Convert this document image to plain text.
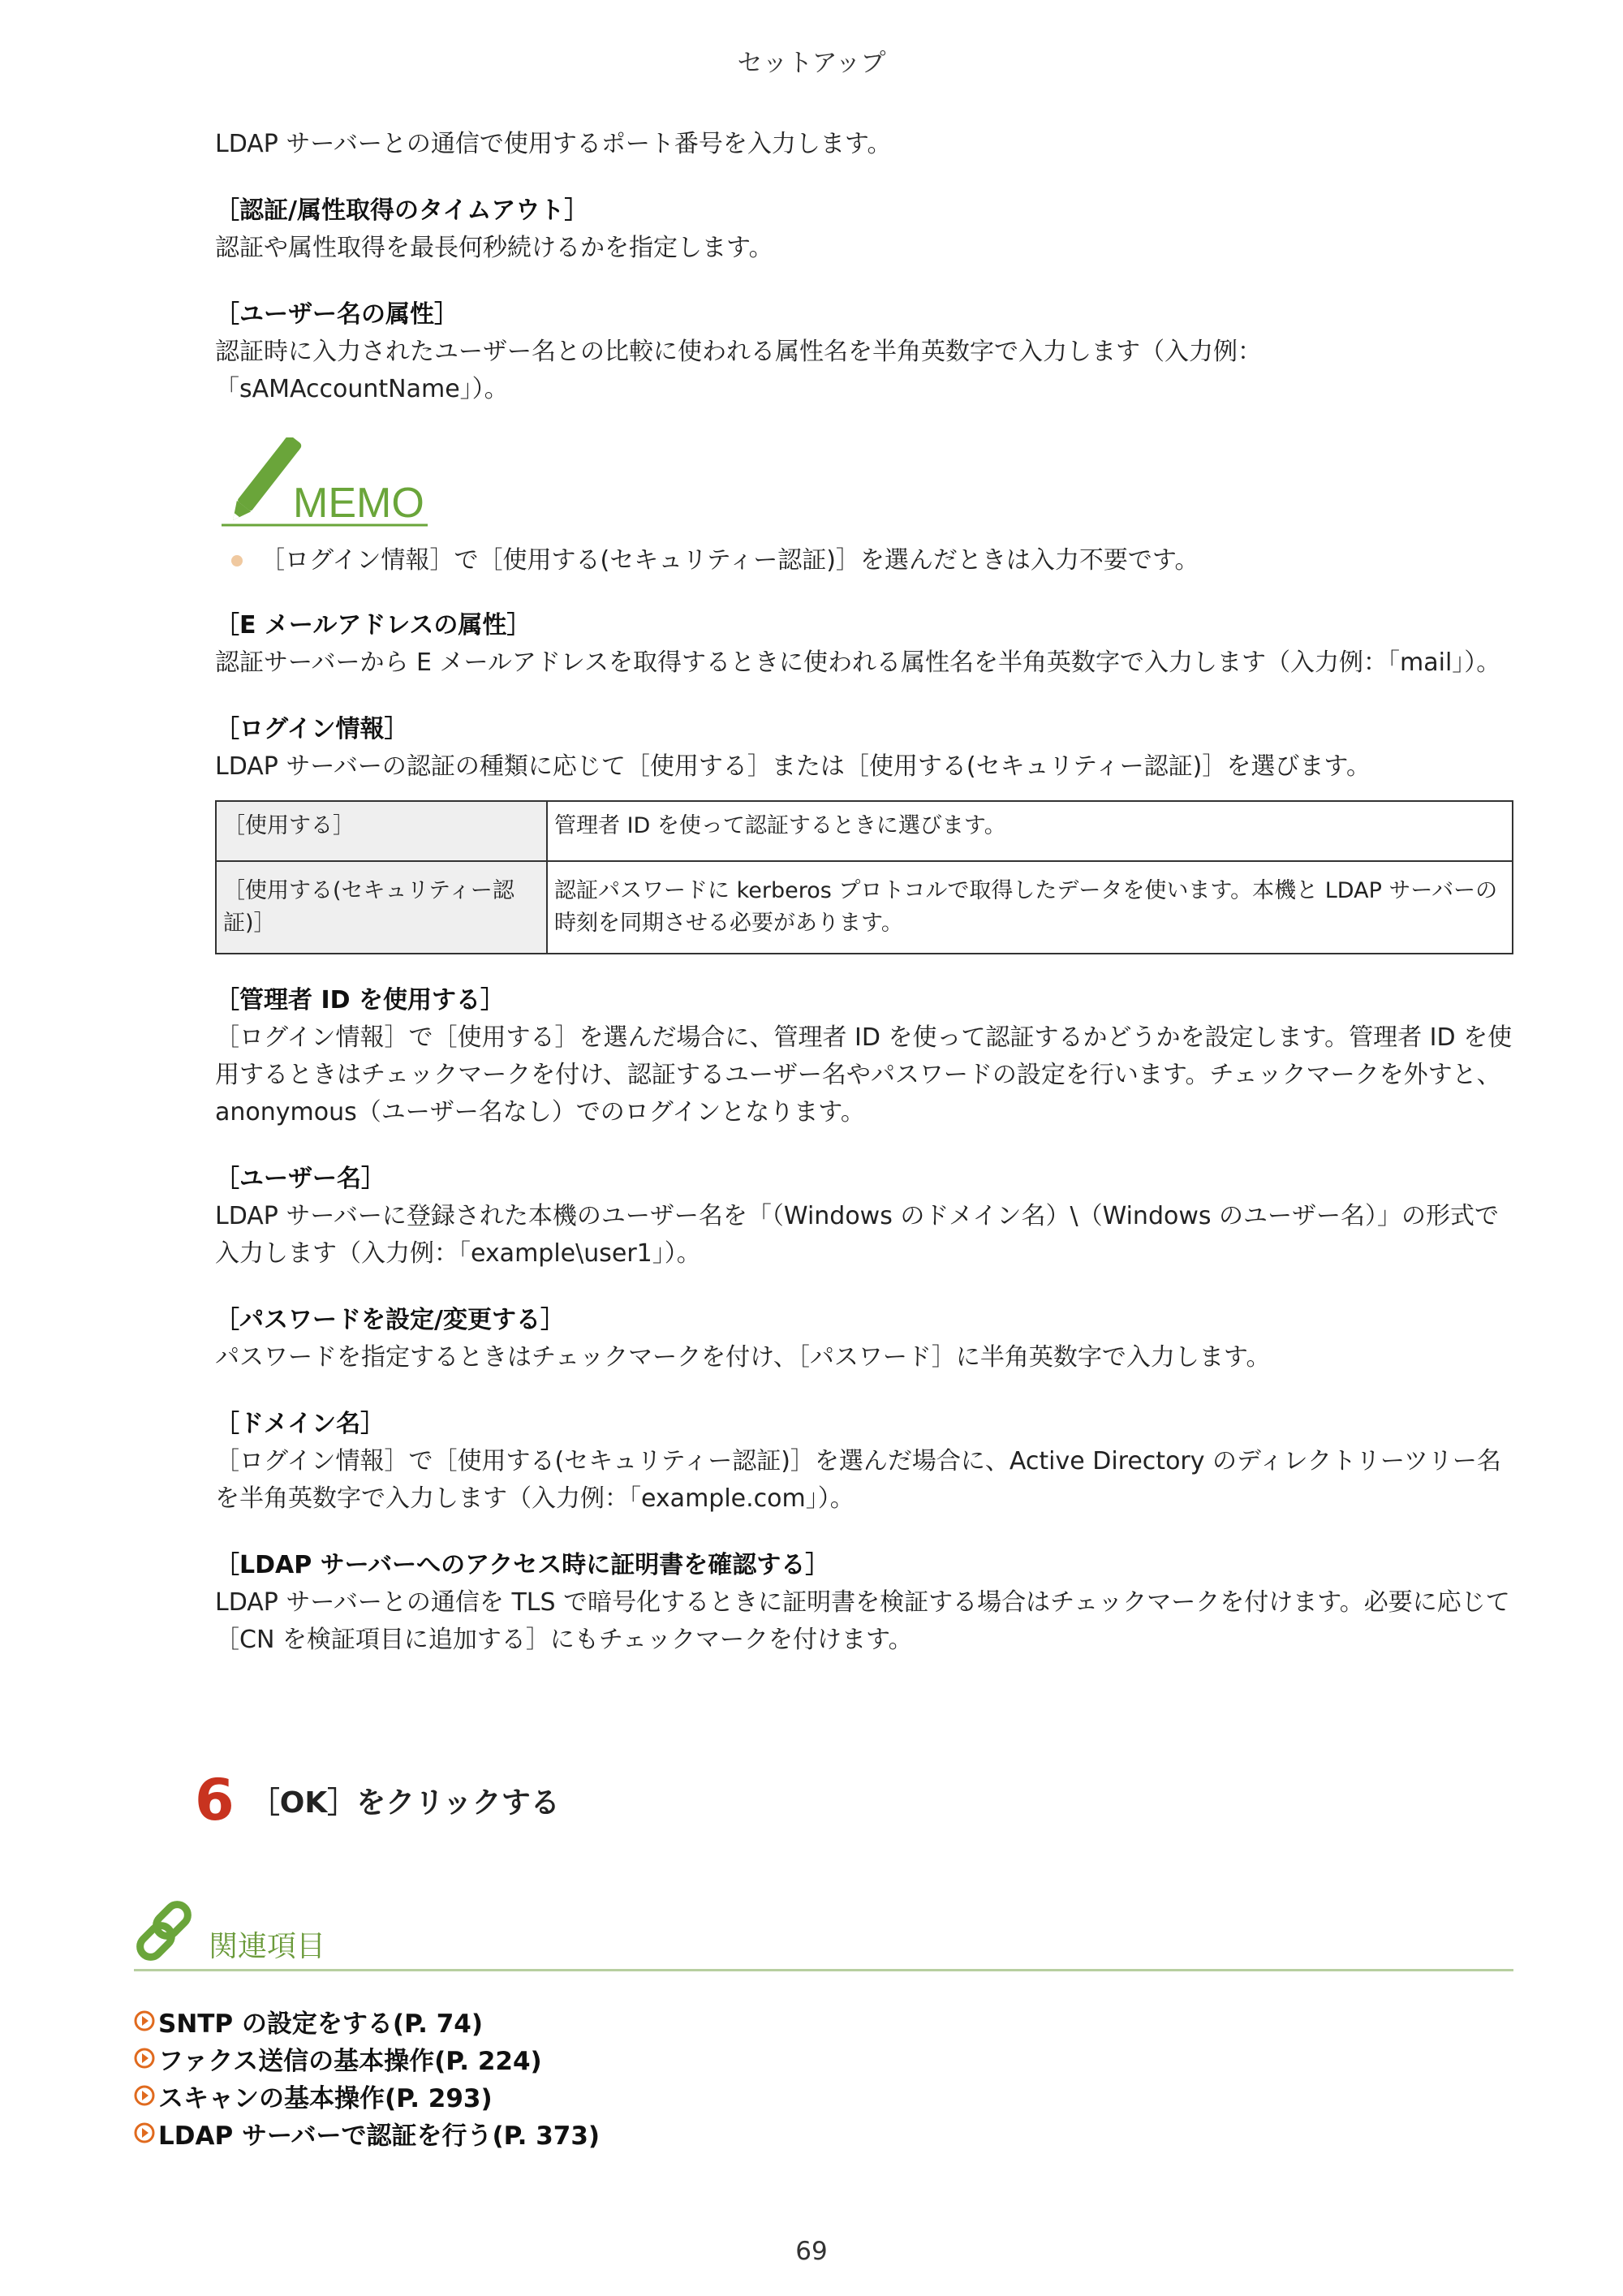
セットアップ

LDAP サーバーとの通信で使用するポート番号を入力します。

［認証/属性取得のタイムアウト］

認証や属性取得を最長何秒続けるかを指定します。

［ユーザー名の属性］

認証時に入力されたユーザー名との比較に使われる属性名を半角英数字で入力します（入力例：「sAMAccountName」）。

MEMO
［ログイン情報］で［使用する(セキュリティー認証)］を選んだときは入力不要です。
［E メールアドレスの属性］

認証サーバーから E メールアドレスを取得するときに使われる属性名を半角英数字で入力します（入力例：「mail」）。

［ログイン情報］

LDAP サーバーの認証の種類に応じて［使用する］または［使用する(セキュリティー認証)］を選びます。

［使用する］	管理者 ID を使って認証するときに選びます。
［使用する(セキュリティー認証)］	認証パスワードに kerberos プロトコルで取得したデータを使います。本機と LDAP サーバーの時刻を同期させる必要があります。
［管理者 ID を使用する］

［ログイン情報］で［使用する］を選んだ場合に、管理者 ID を使って認証するかどうかを設定します。管理者 ID を使用するときはチェックマークを付け、認証するユーザー名やパスワードの設定を行います。チェックマークを外すと、anonymous（ユーザー名なし）でのログインとなります。

［ユーザー名］

LDAP サーバーに登録された本機のユーザー名を「（Windows のドメイン名）\（Windows のユーザー名）」の形式で入力します（入力例：「example\user1」）。

［パスワードを設定/変更する］

パスワードを指定するときはチェックマークを付け、［パスワード］に半角英数字で入力します。

［ドメイン名］

［ログイン情報］で［使用する(セキュリティー認証)］を選んだ場合に、Active Directory のディレクトリーツリー名を半角英数字で入力します（入力例：「example.com」）。

［LDAP サーバーへのアクセス時に証明書を確認する］

LDAP サーバーとの通信を TLS で暗号化するときに証明書を検証する場合はチェックマークを付けます。必要に応じて［CN を検証項目に追加する］にもチェックマークを付けます。

6 ［OK］をクリックする
関連項目
SNTP の設定をする(P. 74)
ファクス送信の基本操作(P. 224)
スキャンの基本操作(P. 293)
LDAP サーバーで認証を行う(P. 373)
69
